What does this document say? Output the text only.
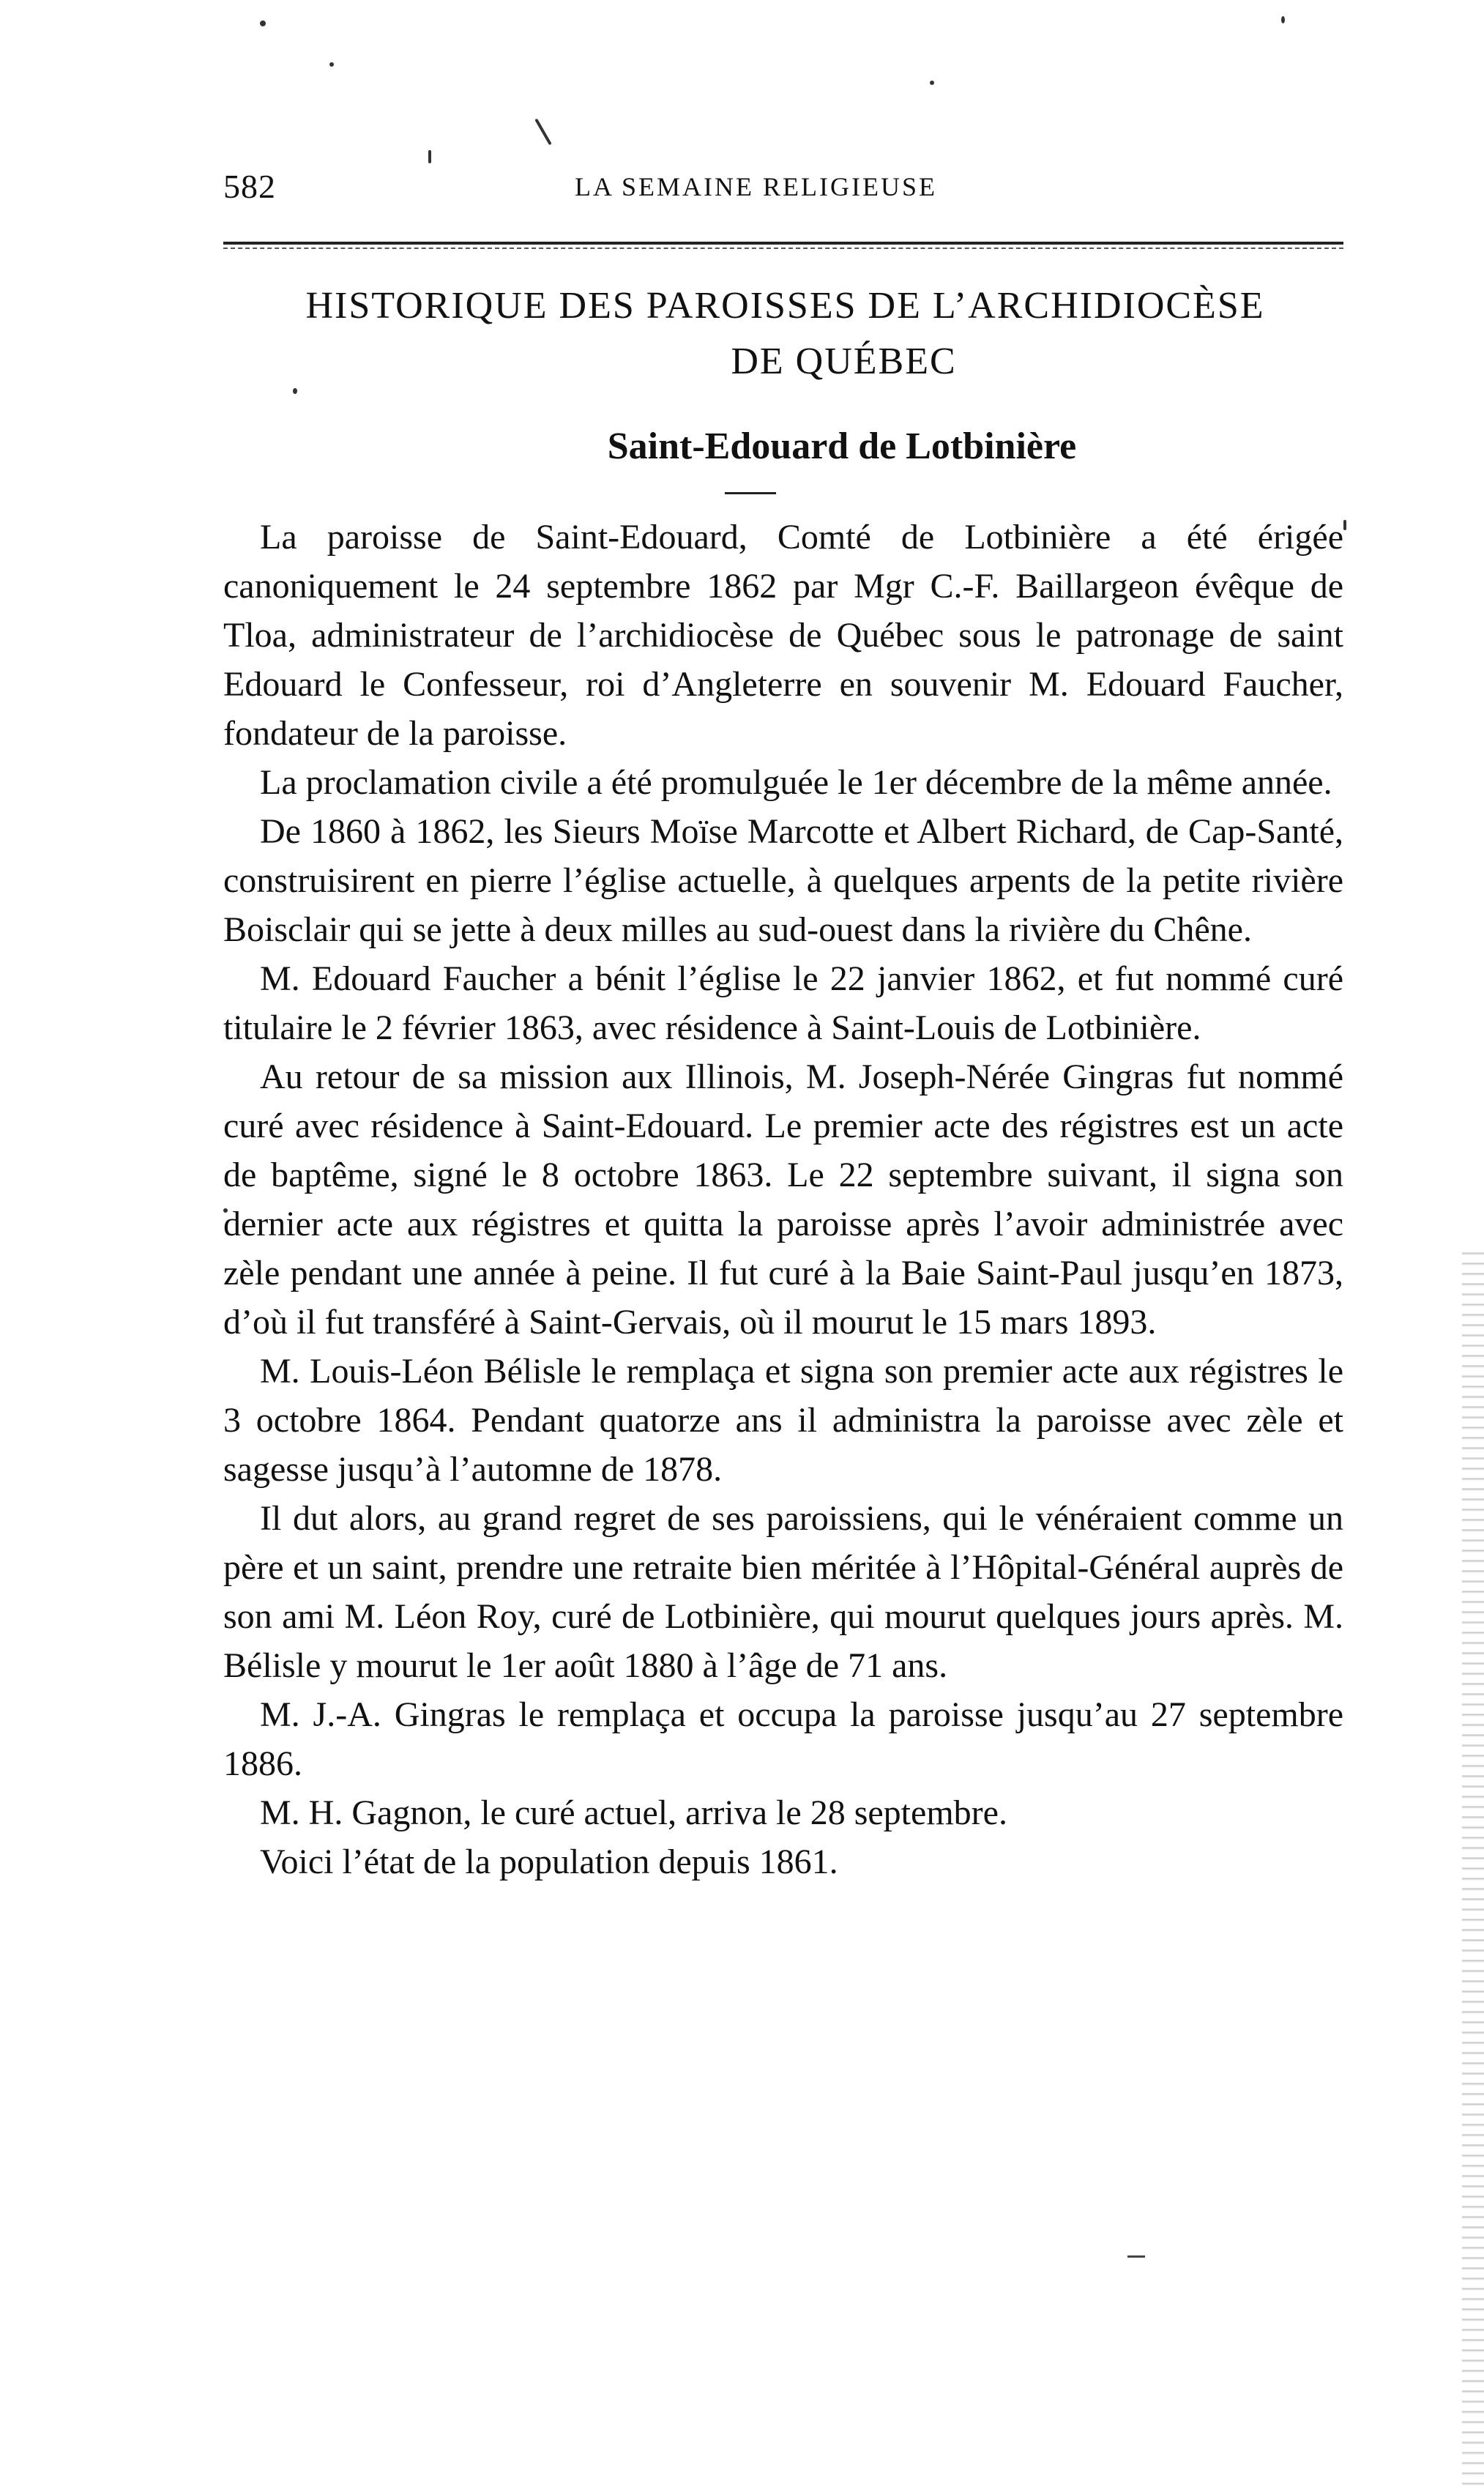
582	LA SEMAINE RELIGIEUSE
HISTORIQUE DES PAROISSES DE L’ARCHIDIOCÈSE
DE QUÉBEC
Saint-Edouard de Lotbinière

La paroisse de Saint-Edouard, Comté de Lotbinière a été érigée canoniquement le 24 septembre 1862 par Mgr C.-F. Baillargeon évêque de Tloa, administrateur de l’archidiocèse de Québec sous le patronage de saint Edouard le Confesseur, roi d’Angleterre en souvenir M. Edouard Faucher, fondateur de la paroisse.

La proclamation civile a été promulguée le 1er décembre de la même année.

De 1860 à 1862, les Sieurs Moïse Marcotte et Albert Richard, de Cap-Santé, construisirent en pierre l’église actuelle, à quelques arpents de la petite rivière Boisclair qui se jette à deux milles au sud-ouest dans la rivière du Chêne.

M. Edouard Faucher a bénit l’église le 22 janvier 1862, et fut nommé curé titulaire le 2 février 1863, avec résidence à Saint-Louis de Lotbinière.

Au retour de sa mission aux Illinois, M. Joseph-Nérée Gingras fut nommé curé avec résidence à Saint-Edouard. Le premier acte des régistres est un acte de baptême, signé le 8 octobre 1863. Le 22 septembre suivant, il signa son dernier acte aux régistres et quitta la paroisse après l’avoir administrée avec zèle pendant une année à peine. Il fut curé à la Baie Saint-Paul jusqu’en 1873, d’où il fut transféré à Saint-Gervais, où il mourut le 15 mars 1893.

M. Louis-Léon Bélisle le remplaça et signa son premier acte aux régistres le 3 octobre 1864. Pendant quatorze ans il administra la paroisse avec zèle et sagesse jusqu’à l’automne de 1878.

Il dut alors, au grand regret de ses paroissiens, qui le vénéraient comme un père et un saint, prendre une retraite bien méritée à l’Hôpital-Général auprès de son ami M. Léon Roy, curé de Lotbinière, qui mourut quelques jours après. M. Bélisle y mourut le 1er août 1880 à l’âge de 71 ans.

M. J.-A. Gingras le remplaça et occupa la paroisse jusqu’au 27 septembre 1886.

M. H. Gagnon, le curé actuel, arriva le 28 septembre.

Voici l’état de la population depuis 1861.
